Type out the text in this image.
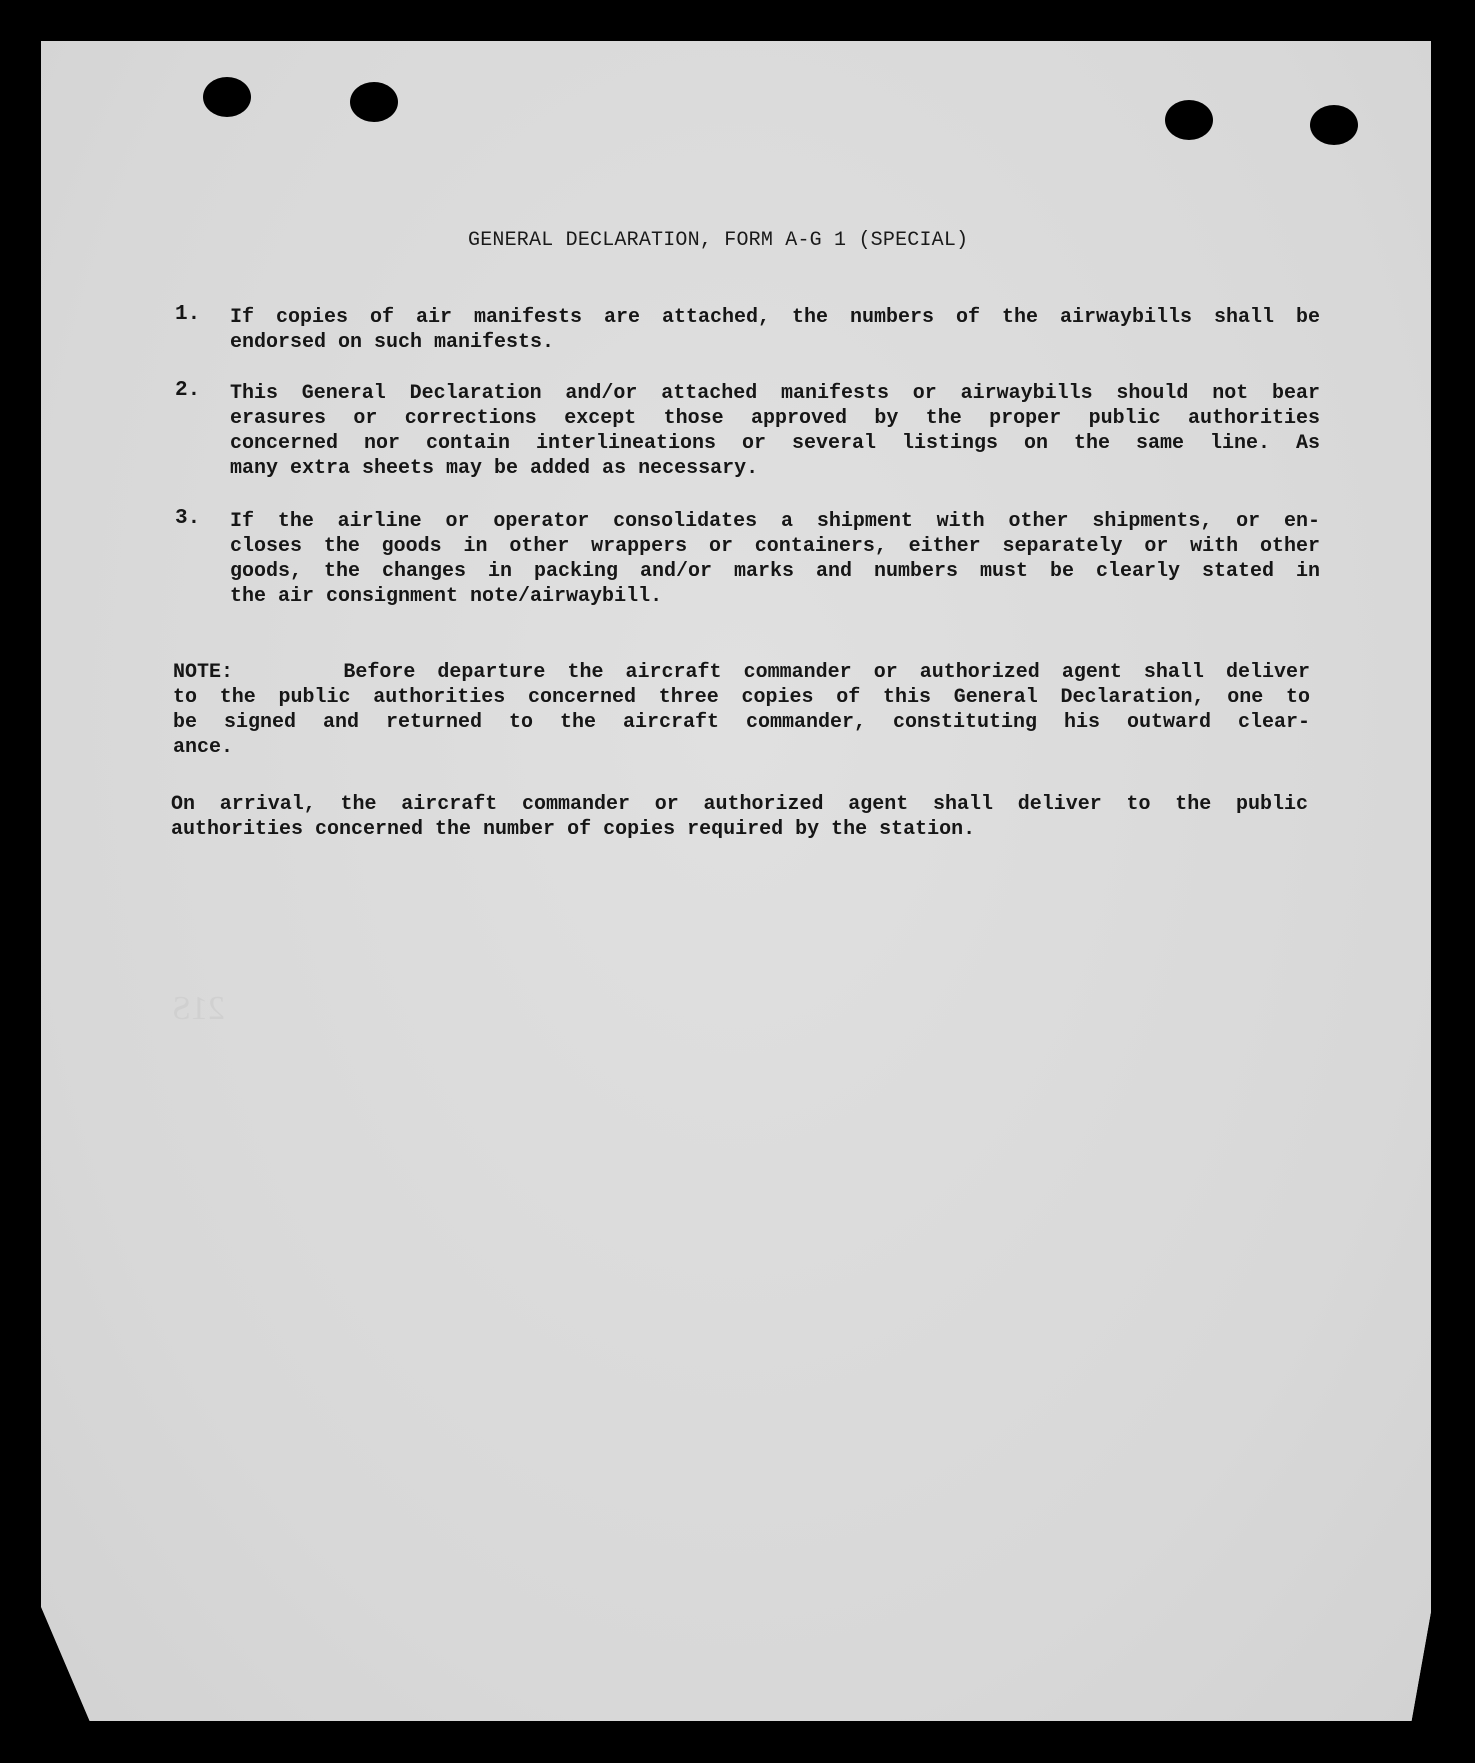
GENERAL DECLARATION, FORM A-G 1 (SPECIAL)
1. If copies of air manifests are attached, the numbers of the airwaybills shall be
endorsed on such manifests.
2. This General Declaration and/or attached manifests or airwaybills should not bear
erasures or corrections except those approved by the proper public authorities
concerned nor contain interlineations or several listings on the same line. As
many extra sheets may be added as necessary.
3. If the airline or operator consolidates a shipment with other shipments, or en-
closes the goods in other wrappers or containers, either separately or with other
goods, the changes in packing and/or marks and numbers must be clearly stated in
the air consignment note/airwaybill.
NOTE:     Before departure the aircraft commander or authorized agent shall deliver
to the public authorities concerned three copies of this General Declaration, one to
be signed and returned to the aircraft commander, constituting his outward clear-
ance.
On arrival, the aircraft commander or authorized agent shall deliver to the public
authorities concerned the number of copies required by the station.
21S
